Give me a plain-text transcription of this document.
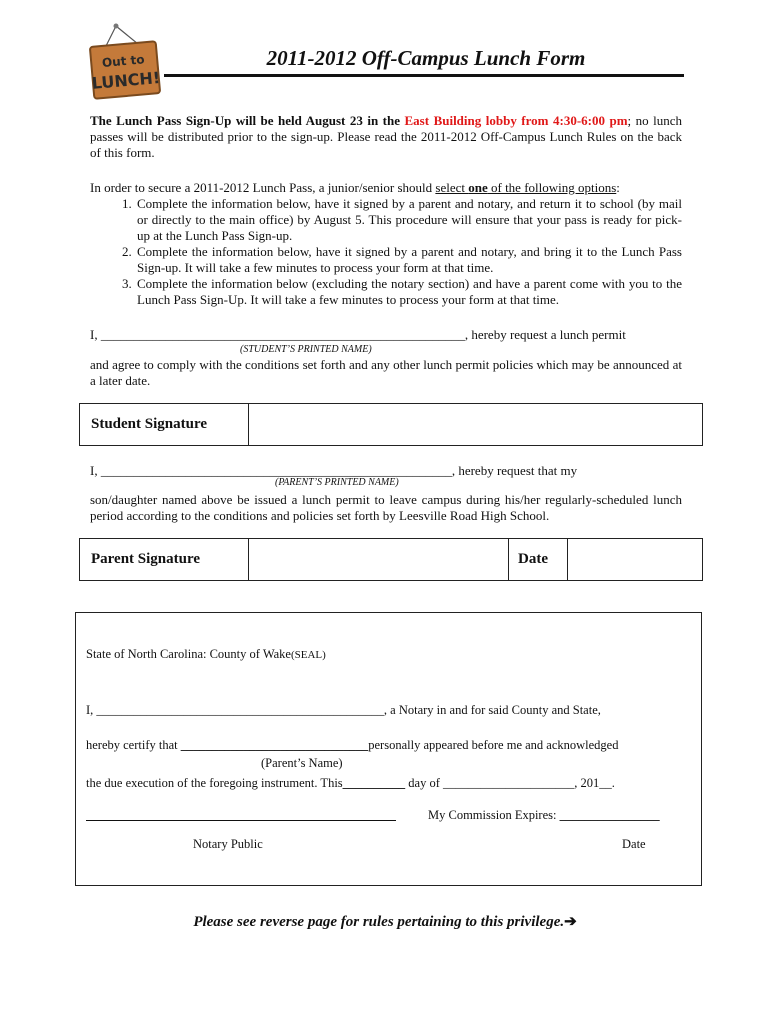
Out to
LUNCH!
2011-2012 Off-Campus Lunch Form
The Lunch Pass Sign-Up will be held August 23 in the East Building lobby from 4:30-6:00 pm; no lunch passes will be distributed prior to the sign-up. Please read the 2011-2012 Off-Campus Lunch Rules on the back of this form.
In order to secure a 2011-2012 Lunch Pass, a junior/senior should select one of the following options:
1. Complete the information below, have it signed by a parent and notary, and return it to school (by mail or directly to the main office) by August 5. This procedure will ensure that your pass is ready for pick-up at the Lunch Pass Sign-up.
2. Complete the information below, have it signed by a parent and notary, and bring it to the Lunch Pass Sign-up. It will take a few minutes to process your form at that time.
3. Complete the information below (excluding the notary section) and have a parent come with you to the Lunch Pass Sign-Up. It will take a few minutes to process your form at that time.
I, ________________________________________________________, hereby request a lunch permit
(STUDENT’S PRINTED NAME)
and agree to comply with the conditions set forth and any other lunch permit policies which may be announced at a later date.
Student Signature
I, ______________________________________________________, hereby request that my
(PARENT’S PRINTED NAME)
son/daughter named above be issued a lunch permit to leave campus during his/her regularly-scheduled lunch period according to the conditions and policies set forth by Leesville Road High School.
Parent Signature	Date
State of North Carolina: County of Wake(SEAL)
I, ______________________________________________, a Notary in and for said County and State,
hereby certify that ______________________________personally appeared before me and acknowledged
(Parent’s Name)
the due execution of the foregoing instrument. This__________ day of _____________________, 201__.
My Commission Expires: ________________
Notary Public	Date
Please see reverse page for rules pertaining to this privilege.➔
